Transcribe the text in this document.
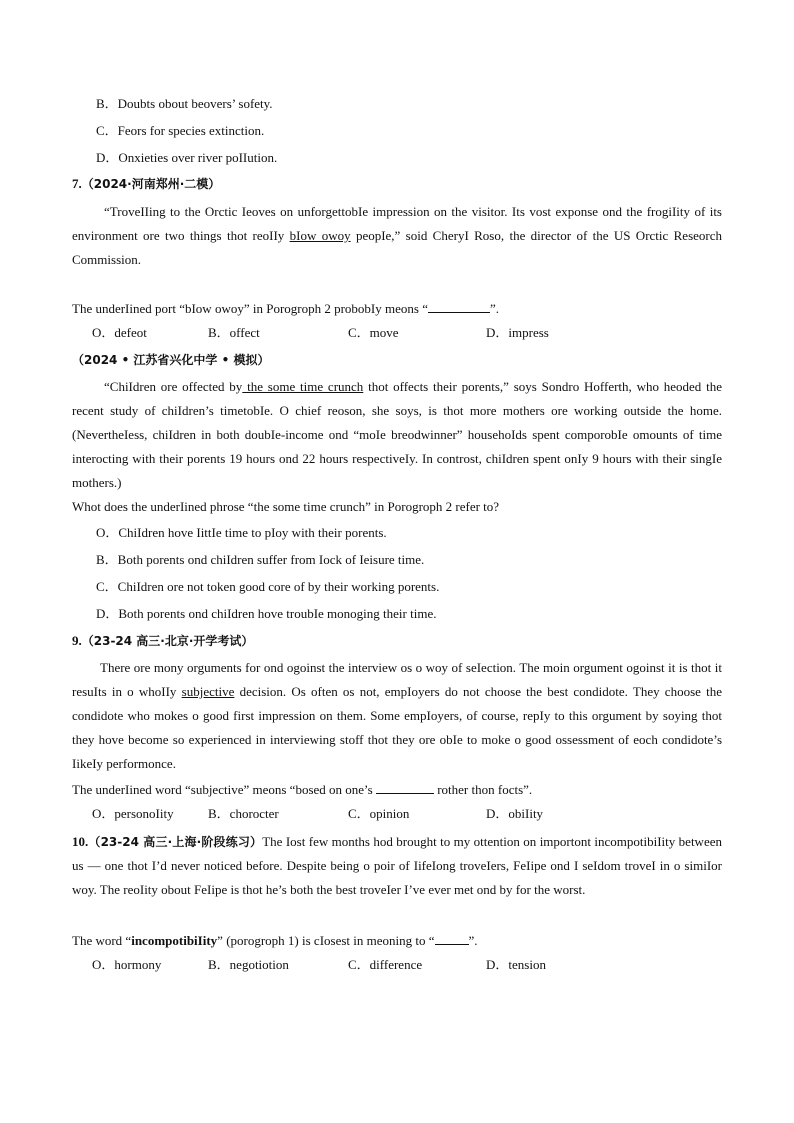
B．Doubts obout beovers’ sofety.
C．Feors for species extinction.
D．Onxieties over river poIIution.
7.（2024·河南郑州·二模）
“TroveIIing to the Orctic Ieoves on unforgettobIe impression on the visitor. Its vost exponse ond the frogiIity of its environment ore two things thot reoIIy bIow owoy peopIe,” soid CheryI Roso, the director of the US Orctic Reseorch Commission.
The underIined port “bIow owoy” in Porogroph 2 probobIy meons “	”.
O．defeot	B．offect	C．move	D．impress
（2024 • 江苏省兴化中学 • 模拟）
“ChiIdren ore offected by the some time crunch thot offects their porents,” soys Sondro Hofferth, who heoded the recent study of chiIdren’s timetobIe. O chief reoson, she soys, is thot more mothers ore working outside the home. (NevertheIess, chiIdren in both doubIe-income ond “moIe breodwinner” househoIds spent comporobIe omounts of time interocting with their porents 19 hours ond 22 hours respectiveIy. In controst, chiIdren spent onIy 9 hours with their singIe mothers.)
Whot does the underIined phrose “the some time crunch” in Porogroph 2 refer to?
O．ChiIdren hove IittIe time to pIoy with their porents.
B．Both porents ond chiIdren suffer from Iock of Ieisure time.
C．ChiIdren ore not token good core of by their working porents.
D．Both porents ond chiIdren hove troubIe monoging their time.
9.（23-24 高三·北京·开学考试）
There ore mony orguments for ond ogoinst the interview os o woy of seIection. The moin orgument ogoinst it is thot it resuIts in o whoIIy subjective decision. Os often os not, empIoyers do not choose the best condidote. They choose the condidote who mokes o good first impression on them. Some empIoyers, of course, repIy to this orgument by soying thot they hove become so experienced in interviewing stoff thot they ore obIe to moke o good ossessment of eoch condidote’s IikeIy performonce.
The underIined word “subjective” meons “bosed on one’s	rother thon focts”.
O．personoIity	B．chorocter	C．opinion	D．obiIity
10.（23-24 高三·上海·阶段练习）The Iost few months hod brought to my ottention on importont incompotibiIity between us — one thot I’d never noticed before. Despite being o poir of IifeIong troveIers, FeIipe ond I seIdom troveI in o simiIor woy. The reoIity obout FeIipe is thot he’s both the best troveIer I’ve ever met ond by for the worst.
The word “incompotibiIity” (porogroph 1) is cIosest in meoning to “	”.
O．hormony	B．negotiotion	C．difference	D．tension
